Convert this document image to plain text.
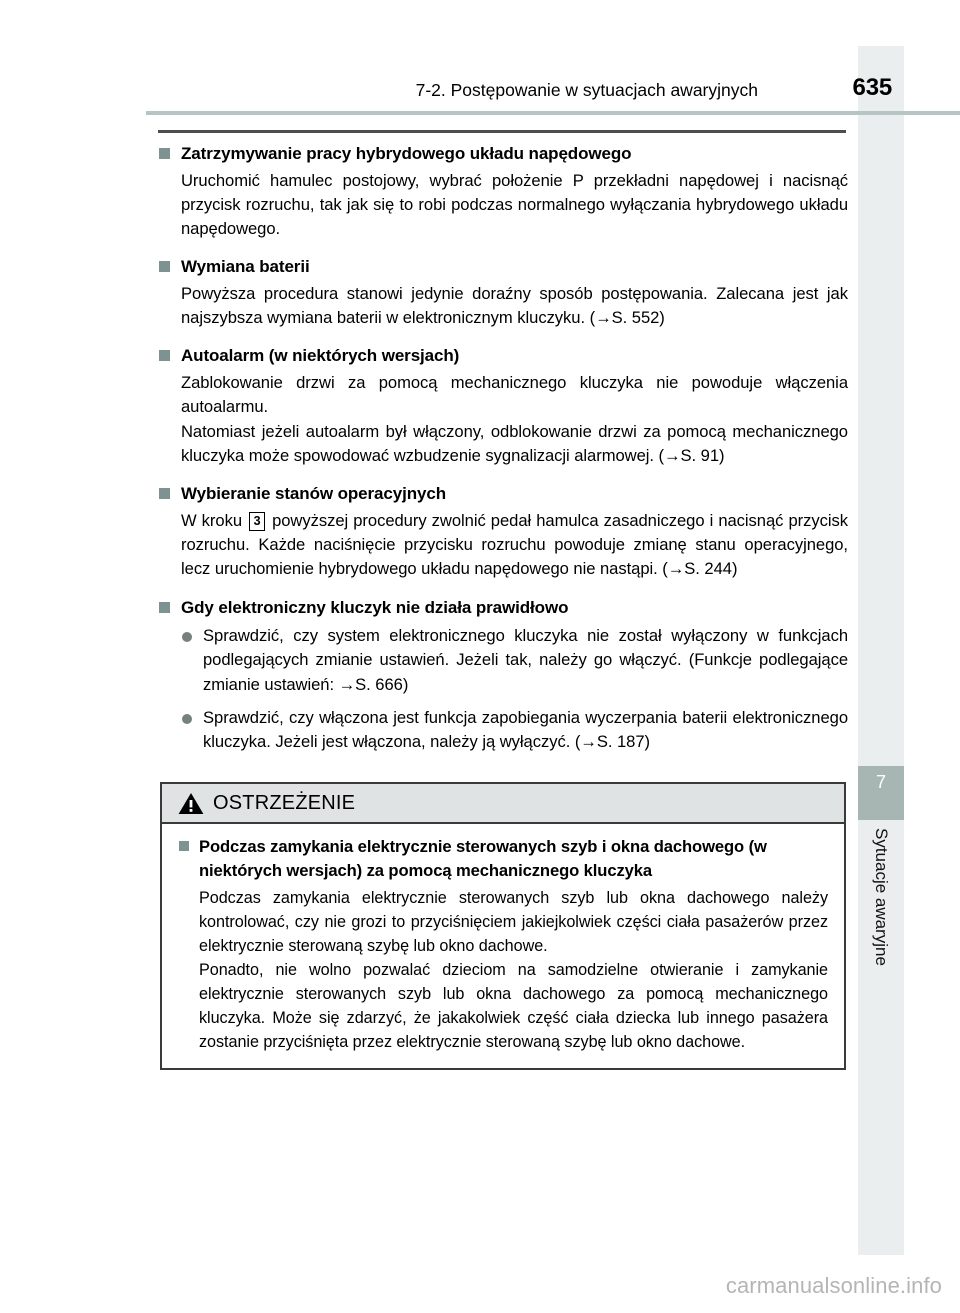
7
Sytuacje awaryjne
7-2. Postępowanie w sytuacjach awaryjnych	635
Zatrzymywanie pracy hybrydowego układu napędowego

Uruchomić hamulec postojowy, wybrać położenie P przekładni napędowej i nacisnąć przycisk rozruchu, tak jak się to robi podczas normalnego wyłączania hybrydowego układu napędowego.

Wymiana baterii

Powyższa procedura stanowi jedynie doraźny sposób postępowania. Zalecana jest jak najszybsza wymiana baterii w elektronicznym kluczyku. (→S. 552)

Autoalarm (w niektórych wersjach)

Zablokowanie drzwi za pomocą mechanicznego kluczyka nie powoduje włączenia autoalarmu.

Natomiast jeżeli autoalarm był włączony, odblokowanie drzwi za pomocą mechanicznego kluczyka może spowodować wzbudzenie sygnalizacji alarmowej. (→S. 91)

Wybieranie stanów operacyjnych

W kroku 3 powyższej procedury zwolnić pedał hamulca zasadniczego i nacisnąć przycisk rozruchu. Każde naciśnięcie przycisku rozruchu powoduje zmianę stanu operacyjnego, lecz uruchomienie hybrydowego układu napędowego nie nastąpi. (→S. 244)

Gdy elektroniczny kluczyk nie działa prawidłowo
Sprawdzić, czy system elektronicznego kluczyka nie został wyłączony w funkcjach podlegających zmianie ustawień. Jeżeli tak, należy go włączyć. (Funkcje podlegające zmianie ustawień: →S. 666)
Sprawdzić, czy włączona jest funkcja zapobiegania wyczerpania baterii elektronicznego kluczyka. Jeżeli jest włączona, należy ją wyłączyć. (→S. 187)
OSTRZEŻENIE
Podczas zamykania elektrycznie sterowanych szyb i okna dachowego (w niektórych wersjach) za pomocą mechanicznego kluczyka

Podczas zamykania elektrycznie sterowanych szyb lub okna dachowego należy kontrolować, czy nie grozi to przyciśnięciem jakiejkolwiek części ciała pasażerów przez elektrycznie sterowaną szybę lub okno dachowe.

Ponadto, nie wolno pozwalać dzieciom na samodzielne otwieranie i zamykanie elektrycznie sterowanych szyb lub okna dachowego za pomocą mechanicznego kluczyka. Może się zdarzyć, że jakakolwiek część ciała dziecka lub innego pasażera zostanie przyciśnięta przez elektrycznie sterowaną szybę lub okno dachowe.

carmanualsonline.info
